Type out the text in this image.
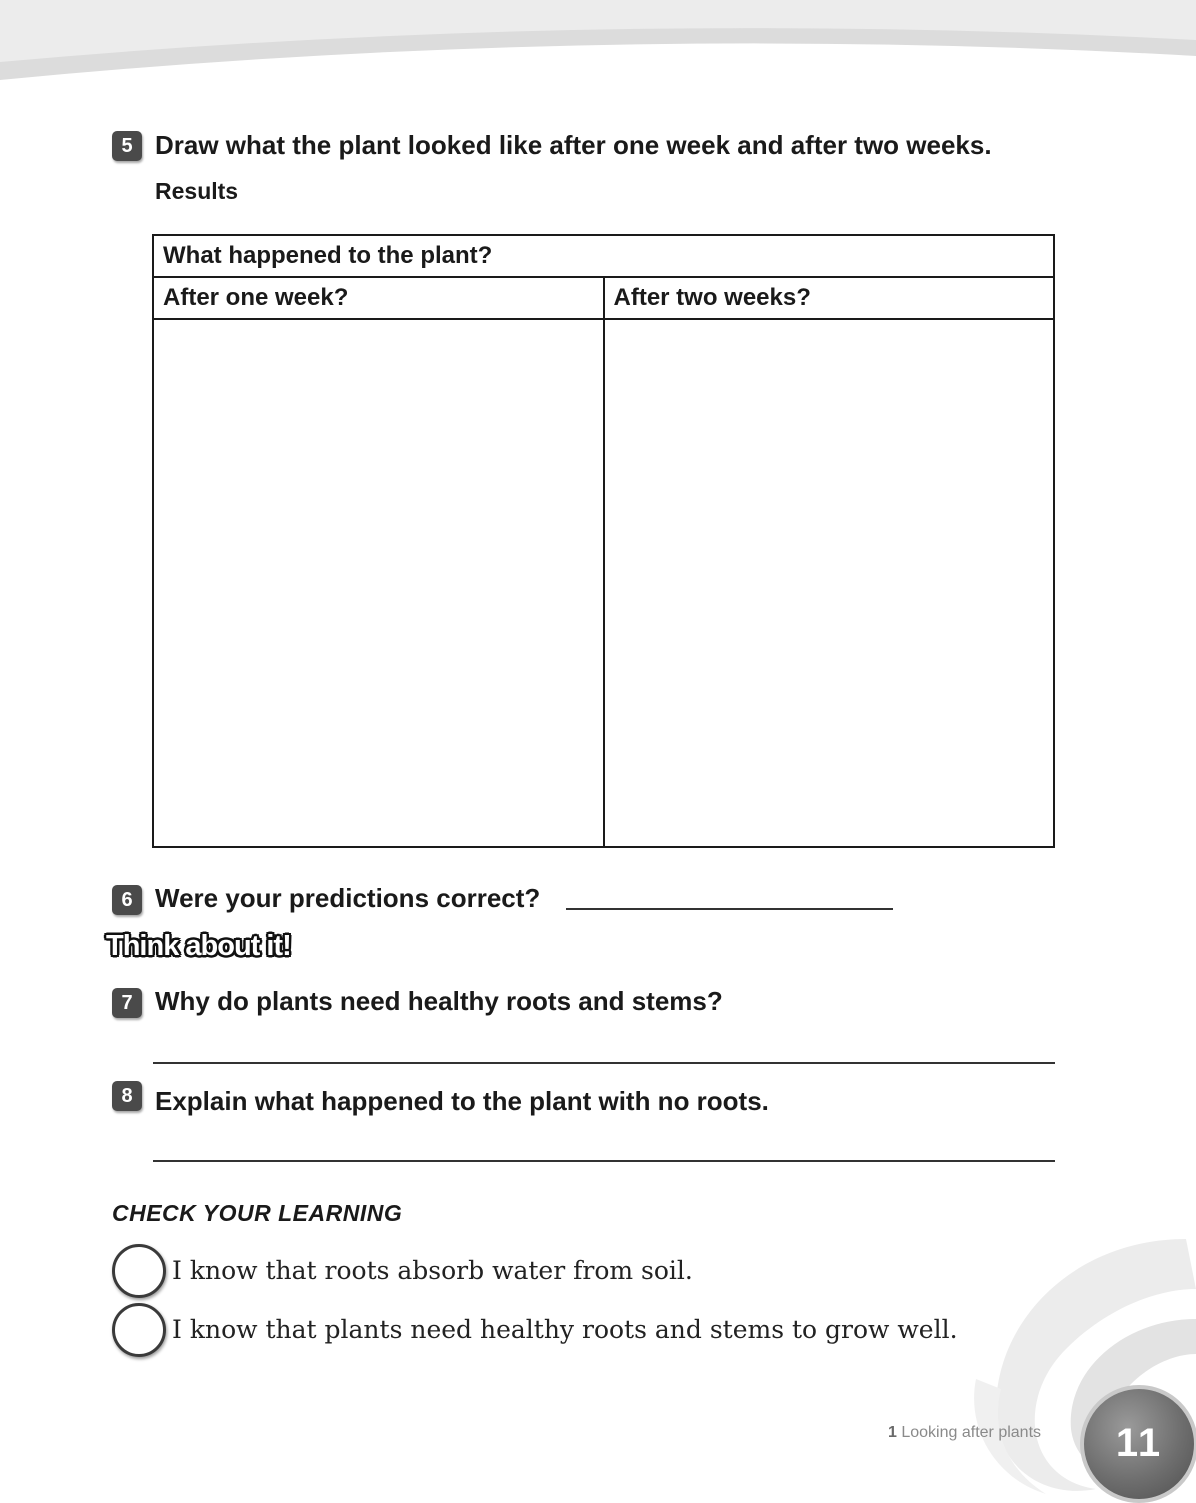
5 Draw what the plant looked like after one week and after two weeks.
Results
What happened to the plant?	
After one week?	After two weeks?

6 Were your predictions correct?
Think about it!
7 Why do plants need healthy roots and stems?
8 Explain what happened to the plant with no roots.
CHECK YOUR LEARNING
I know that roots absorb water from soil.
I know that plants need healthy roots and stems to grow well.
1 Looking after plants	11
